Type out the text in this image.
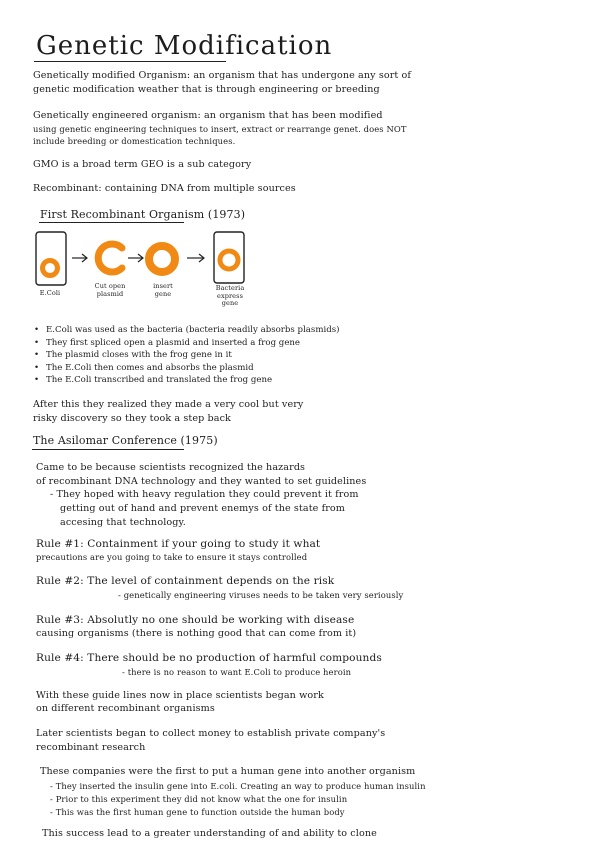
Genetic Modification
Genetically modified Organism: an organism that has undergone any sort of
genetic modification weather that is through engineering or breeding
Genetically engineered organism: an organism that has been modified
using genetic engineering techniques to insert, extract or rearrange genet. does NOT
include breeding or domestication techniques.
GMO is a broad term GEO is a sub category
Recombinant: containing DNA from multiple sources
First Recombinant Organism (1973)
E.Coli
Cut open plasmid
insert gene
Bacteria express gene
• E.Coli was used as the bacteria (bacteria readily absorbs plasmids)
• They first spliced open a plasmid and inserted a frog gene
• The plasmid closes with the frog gene in it
• The E.Coli then comes and absorbs the plasmid
• The E.Coli transcribed and translated the frog gene
After this they realized they made a very cool but very
risky discovery so they took a step back
The Asilomar Conference (1975)
Came to be because scientists recognized the hazards
of recombinant DNA technology and they wanted to set guidelines
- They hoped with heavy regulation they could prevent it from
getting out of hand and prevent enemys of the state from
accesing that technology.
Rule #1: Containment if your going to study it what
precautions are you going to take to ensure it stays controlled
Rule #2: The level of containment depends on the risk
- genetically engineering viruses needs to be taken very seriously
Rule #3: Absolutly no one should be working with disease
causing organisms (there is nothing good that can come from it)
Rule #4: There should be no production of harmful compounds
- there is no reason to want E.Coli to produce heroin
With these guide lines now in place scientists began work
on different recombinant organisms
Later scientists began to collect money to establish private company's
recombinant research
These companies were the first to put a human gene into another organism
- They inserted the insulin gene into E.coli. Creating an way to produce human insulin
- Prior to this experiment they did not know what the one for insulin
- This was the first human gene to function outside the human body
This success lead to a greater understanding of and ability to clone
